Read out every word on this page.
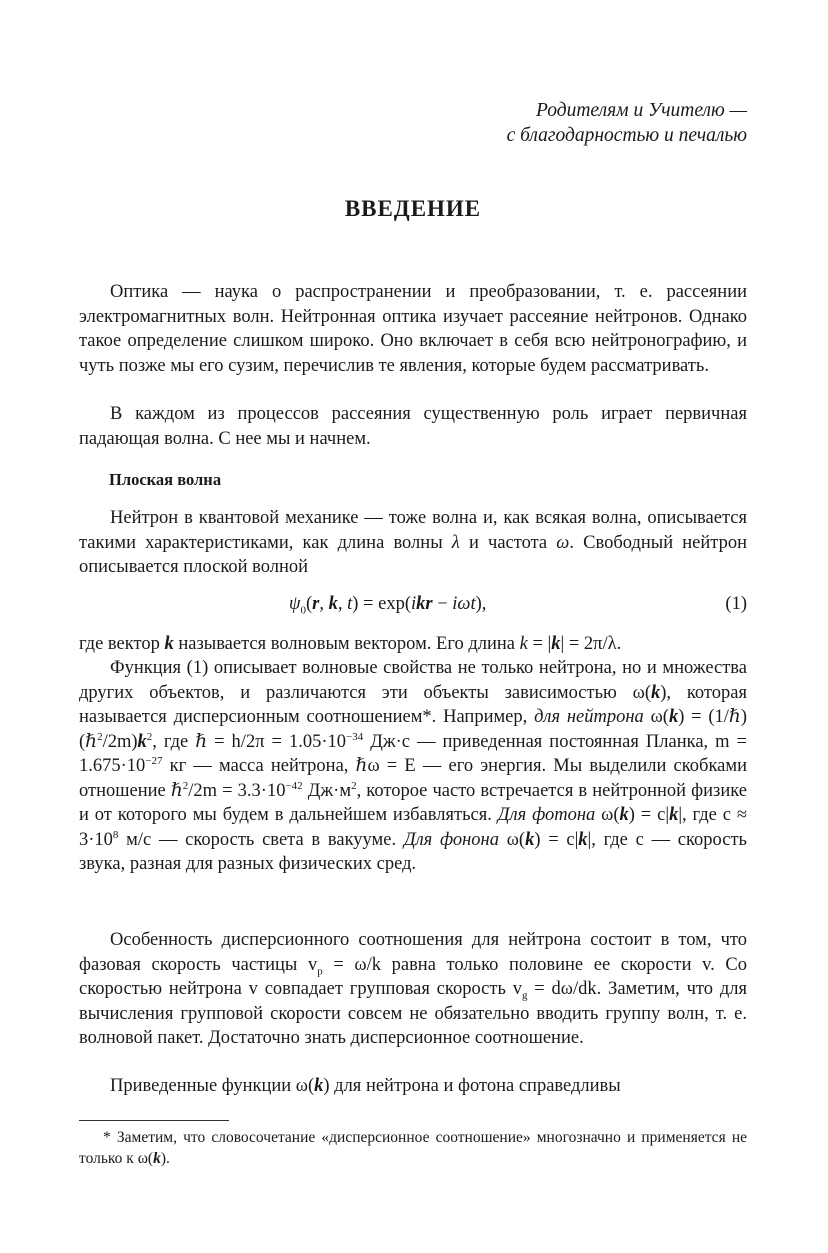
Родителям и Учителю —
с благодарностью и печалью
ВВЕДЕНИЕ

Оптика — наука о распространении и преобразовании, т. е. рассеянии электромагнитных волн. Нейтронная оптика изучает рассеяние нейтронов. Однако такое определение слишком широко. Оно включает в себя всю нейтронографию, и чуть позже мы его сузим, перечислив те явления, которые будем рассматривать.

В каждом из процессов рассеяния существенную роль играет первичная падающая волна. С нее мы и начнем.

Плоская волна

Нейтрон в квантовой механике — тоже волна и, как всякая волна, описывается такими характеристиками, как длина волны λ и частота ω. Свободный нейтрон описывается плоской волной

$\psi_0(r$, k, t) = exp(ikr − iωt),	(1)

где вектор k называется волновым вектором. Его длина k = |k| = 2π/λ.

Функция (1) описывает волновые свойства не только нейтрона, но и множества других объектов, и различаются эти объекты зависимостью ω(k), которая называется дисперсионным соотношением*. Например, для нейтрона $\omega(k) = (1/\hbar)(\hbar^2/2m)k^2$, где ℏ = $h/2\pi = 1.05\cdot 10^{-34}$ Дж·с — приведенная постоянная Планка, $m = 1.675\cdot 10^{-27}$ кг — масса нейтрона, ℏω = E — его энергия. Мы выделили скобками отношение ℏ$^2$/2m = $3.3\cdot 10^{-42}$ $Дж\cdot м^2$, которое часто встречается в нейтронной физике и от которого мы будем в дальнейшем избавляться. Для фотона ω(k) = c|k|, где $c \approx 3\cdot 10^8$ м/с — скорость света в вакууме. Для фонона ω(k) = c|k|, где c — скорость звука, разная для разных физических сред.

Особенность дисперсионного соотношения для нейтрона состоит в том, что фазовая скорость частицы $v_p = \omega/k$ равна только половине ее скорости v. Со скоростью нейтрона v совпадает групповая скорость $v_g = d\omega/dk$. Заметим, что для вычисления групповой скорости совсем не обязательно вводить группу волн, т. е. волновой пакет. Достаточно знать дисперсионное соотношение.

Приведенные функции ω(k) для нейтрона и фотона справедливы

* Заметим, что словосочетание «дисперсионное соотношение» многозначно и применяется не только к ω(k).
